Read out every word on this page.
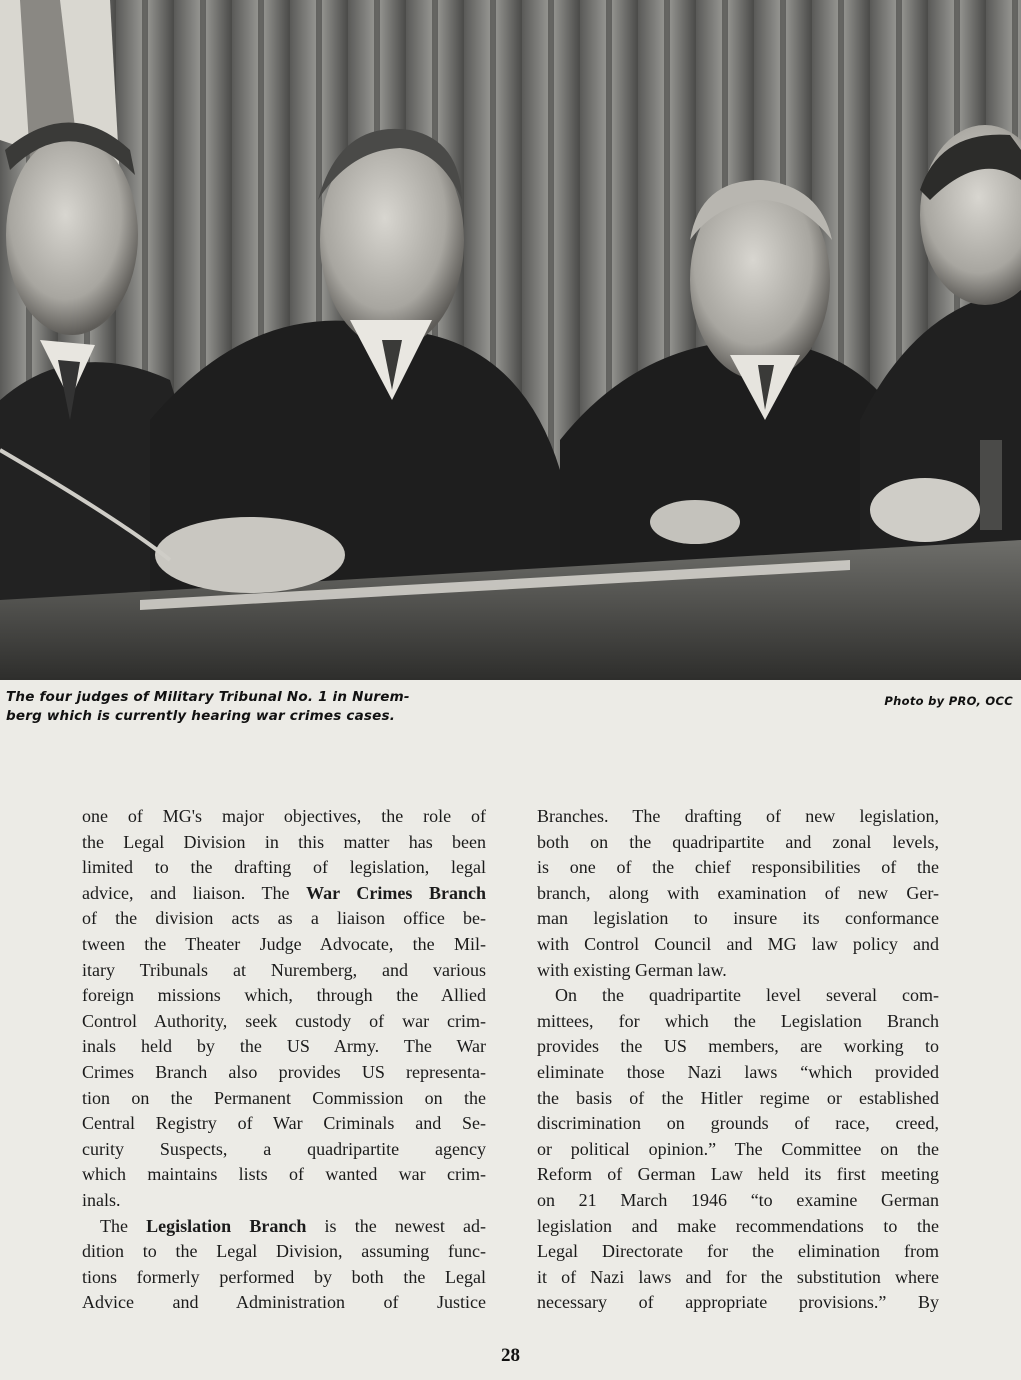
The four judges of Military Tribunal No. 1 in Nurem-
berg which is currently hearing war crimes cases.
Photo by PRO, OCC

one of MG's major objectives, the role of

the Legal Division in this matter has been

limited to the drafting of legislation, legal

advice, and liaison. The War Crimes Branch

of the division acts as a liaison office be-

tween the Theater Judge Advocate, the Mil-

itary Tribunals at Nuremberg, and various

foreign missions which, through the Allied

Control Authority, seek custody of war crim-

inals held by the US Army. The War

Crimes Branch also provides US representa-

tion on the Permanent Commission on the

Central Registry of War Criminals and Se-

curity Suspects, a quadripartite agency

which maintains lists of wanted war crim-

inals.

The Legislation Branch is the newest ad-

dition to the Legal Division, assuming func-

tions formerly performed by both the Legal

Advice and Administration of Justice

Branches. The drafting of new legislation,

both on the quadripartite and zonal levels,

is one of the chief responsibilities of the

branch, along with examination of new Ger-

man legislation to insure its conformance

with Control Council and MG law policy and

with existing German law.

On the quadripartite level several com-

mittees, for which the Legislation Branch

provides the US members, are working to

eliminate those Nazi laws “which provided

the basis of the Hitler regime or established

discrimination on grounds of race, creed,

or political opinion.” The Committee on the

Reform of German Law held its first meeting

on 21 March 1946 “to examine German

legislation and make recommendations to the

Legal Directorate for the elimination from

it of Nazi laws and for the substitution where

necessary of appropriate provisions.” By

28
